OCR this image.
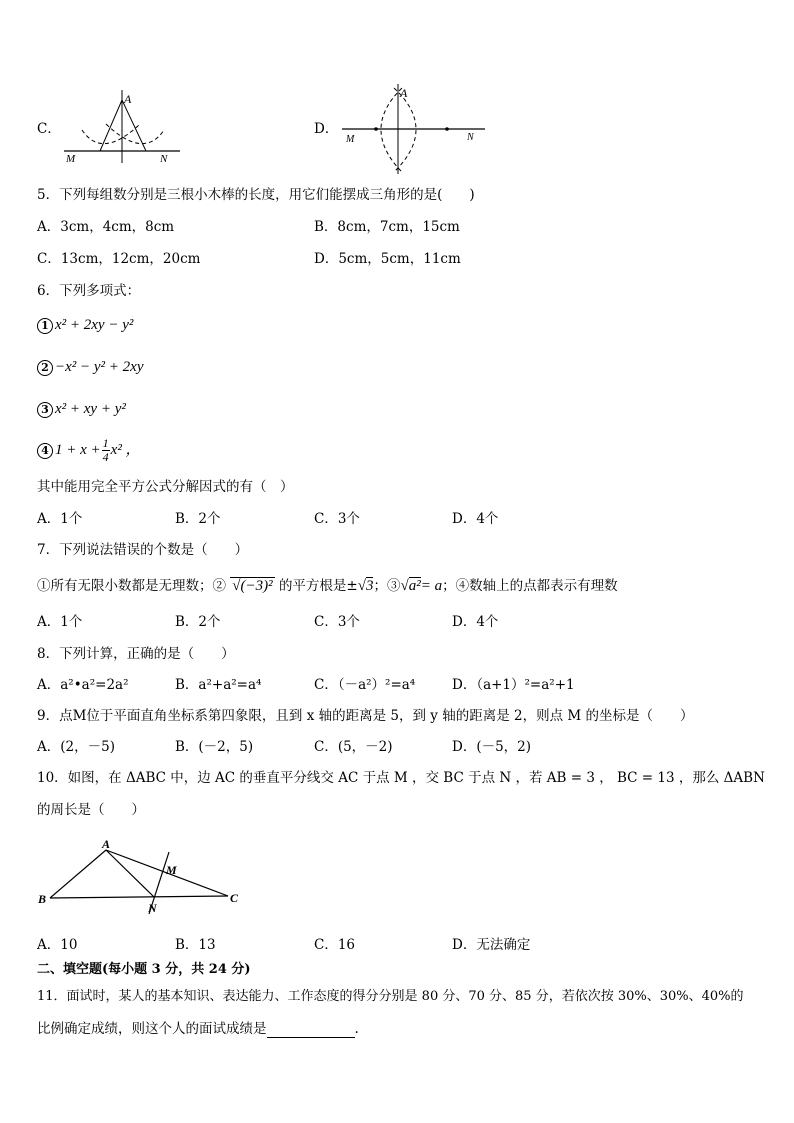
C．
A
M	N
D．
A
M	N
5．下列每组数分别是三根小木棒的长度，用它们能摆成三角形的是(　　)
A．3cm，4cm，8cm	B．8cm，7cm，15cm
C．13cm，12cm，20cm	D．5cm，5cm，11cm
6．下列多项式：
1 x² + 2xy − y²
2 −x² − y² + 2xy
3 x² + xy + y²
4 $1 + x + \frac{1}{4} x^2$ ，
其中能用完全平方公式分解因式的有（　）
A．1个	B．2个	C．3个	D．4个
7．下列说法错误的个数是（　　）
①所有无限小数都是无理数；② √(−3)² 的平方根是±√3；③√a²= a；④数轴上的点都表示有理数
A．1个	B．2个	C．3个	D．4个
8．下列计算，正确的是（　　）
A．a²•a²=2a²	B．a²+a²=a⁴	C．（－a²）²=a⁴	D．（a+1）²=a²+1
9．点M位于平面直角坐标系第四象限，且到 x 轴的距离是 5，到 y 轴的距离是 2，则点 M 的坐标是（　　）
A．(2，－5)	B．(－2，5)	C．(5，－2)	D．(－5，2)
10．如图，在 ΔABC 中，边 AC 的垂直平分线交 AC 于点 M ，交 BC 于点 N ，若 AB = 3 ， BC = 13 ，那么 ΔABN
的周长是（　　）
A
B	C
M
N
A．10	B．13	C．16	D．无法确定
二、填空题(每小题 3 分，共 24 分)
11．面试时，某人的基本知识、表达能力、工作态度的得分分别是 80 分、70 分、85 分，若依次按 30%、30%、40%的
比例确定成绩，则这个人的面试成绩是	.
